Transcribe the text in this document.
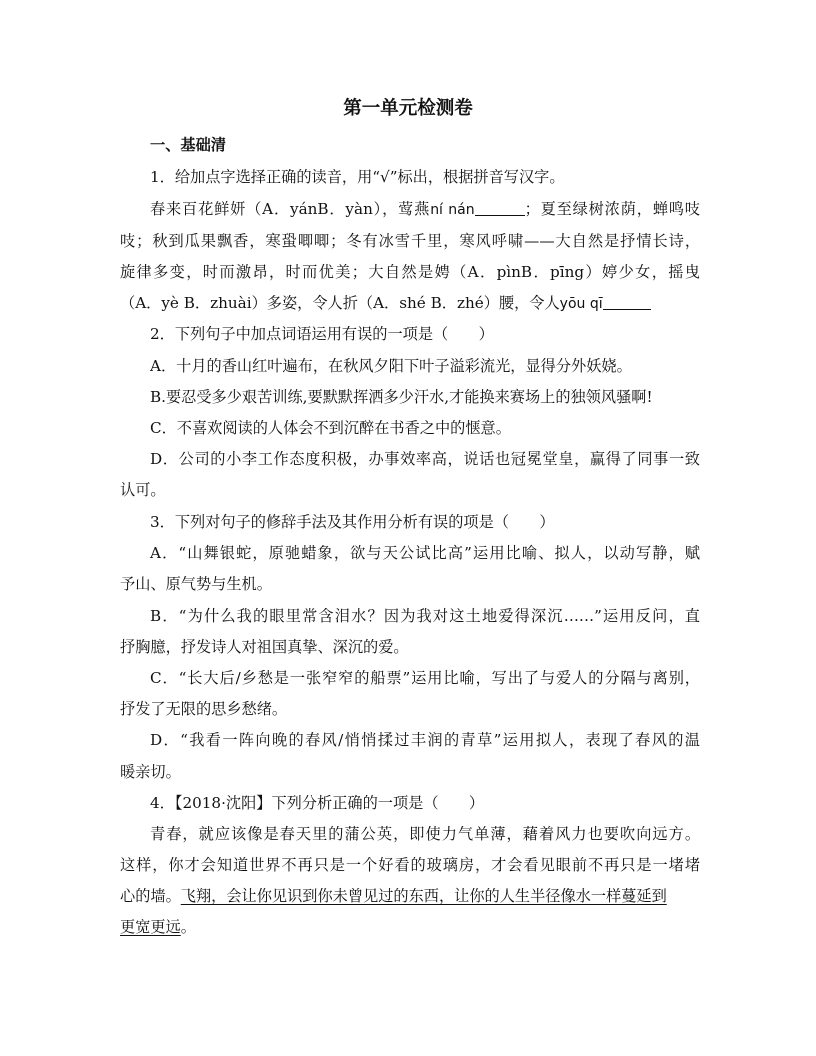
第一单元检测卷
一、基础清
1．给加点字选择正确的读音，用“√”标出，根据拼音写汉字。
春来百花鲜妍（A．yánB．yàn），莺燕ní nán	；夏至绿树浓荫，蝉鸣吱
吱；秋到瓜果飘香，寒蛩唧唧；冬有冰雪千里，寒风呼啸——大自然是抒情长诗，
旋律多变，时而激昂，时而优美；大自然是娉（A．pìnB．pīng）婷少女，摇曳
（A．yè B．zhuài）多姿，令人折（A．shé B．zhé）腰，令人yōu qī
2．下列句子中加点词语运用有误的一项是（　　）
A．十月的香山红叶遍布，在秋风夕阳下叶子溢彩流光，显得分外妖娆。
B.要忍受多少艰苦训练,要默默挥洒多少汗水,才能换来赛场上的独领风骚啊!
C．不喜欢阅读的人体会不到沉醉在书香之中的惬意。
D．公司的小李工作态度积极，办事效率高，说话也冠冕堂皇，赢得了同事一致
认可。
3．下列对句子的修辞手法及其作用分析有误的项是（　　）
A．“山舞银蛇，原驰蜡象，欲与天公试比高”运用比喻、拟人，以动写静，赋
予山、原气势与生机。
B．“为什么我的眼里常含泪水？因为我对这土地爱得深沉……”运用反问，直
抒胸臆，抒发诗人对祖国真挚、深沉的爱。
C．“长大后/乡愁是一张窄窄的船票”运用比喻，写出了与爱人的分隔与离别，
抒发了无限的思乡愁绪。
D．“我看一阵向晚的春风/悄悄揉过丰润的青草”运用拟人，表现了春风的温
暖亲切。
4．【2018·沈阳】下列分析正确的一项是（　　）
青春，就应该像是春天里的蒲公英，即使力气单薄，藉着风力也要吹向远方。
这样，你才会知道世界不再只是一个好看的玻璃房，才会看见眼前不再只是一堵堵
心的墙。飞翔，会让你见识到你未曾见过的东西，让你的人生半径像水一样蔓延到
更宽更远。
